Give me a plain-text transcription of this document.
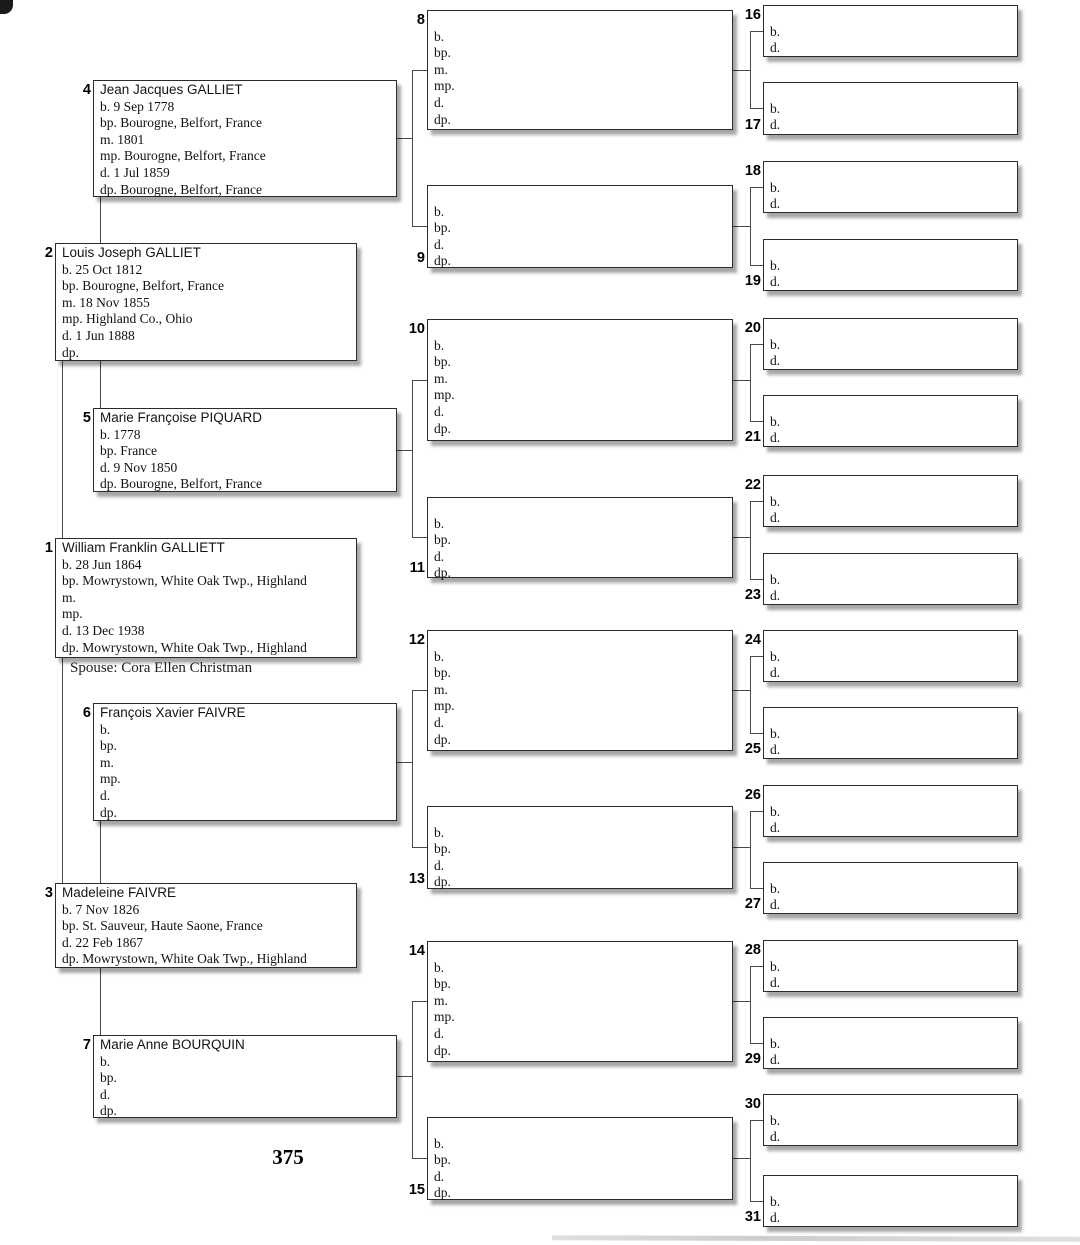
Spouse: Cora Ellen Christman
375
William Franklin GALLIETT
b. 28 Jun 1864
bp. Mowrystown, White Oak Twp., Highland
m.
mp.
d. 13 Dec 1938
dp. Mowrystown, White Oak Twp., Highland
1
Louis Joseph GALLIET
b. 25 Oct 1812
bp. Bourogne, Belfort, France
m. 18 Nov 1855
mp. Highland Co., Ohio
d. 1 Jun 1888
dp.
2
Madeleine FAIVRE
b. 7 Nov 1826
bp. St. Sauveur, Haute Saone, France
d. 22 Feb 1867
dp. Mowrystown, White Oak Twp., Highland
3
Jean Jacques GALLIET
b. 9 Sep 1778
bp. Bourogne, Belfort, France
m. 1801
mp. Bourogne, Belfort, France
d. 1 Jul 1859
dp. Bourogne, Belfort, France
4
Marie Françoise PIQUARD
b. 1778
bp. France
d. 9 Nov 1850
dp. Bourogne, Belfort, France
5
François Xavier FAIVRE
b.
bp.
m.
mp.
d.
dp.
6
Marie Anne BOURQUIN
b.
bp.
d.
dp.
7
b.
bp.
m.
mp.
d.
dp.
8
b.
bp.
d.
dp.
9
b.
bp.
m.
mp.
d.
dp.
10
b.
bp.
d.
dp.
11
b.
bp.
m.
mp.
d.
dp.
12
b.
bp.
d.
dp.
13
b.
bp.
m.
mp.
d.
dp.
14
b.
bp.
d.
dp.
15
b.
d.
16
b.
d.
17
b.
d.
18
b.
d.
19
b.
d.
20
b.
d.
21
b.
d.
22
b.
d.
23
b.
d.
24
b.
d.
25
b.
d.
26
b.
d.
27
b.
d.
28
b.
d.
29
b.
d.
30
b.
d.
31
